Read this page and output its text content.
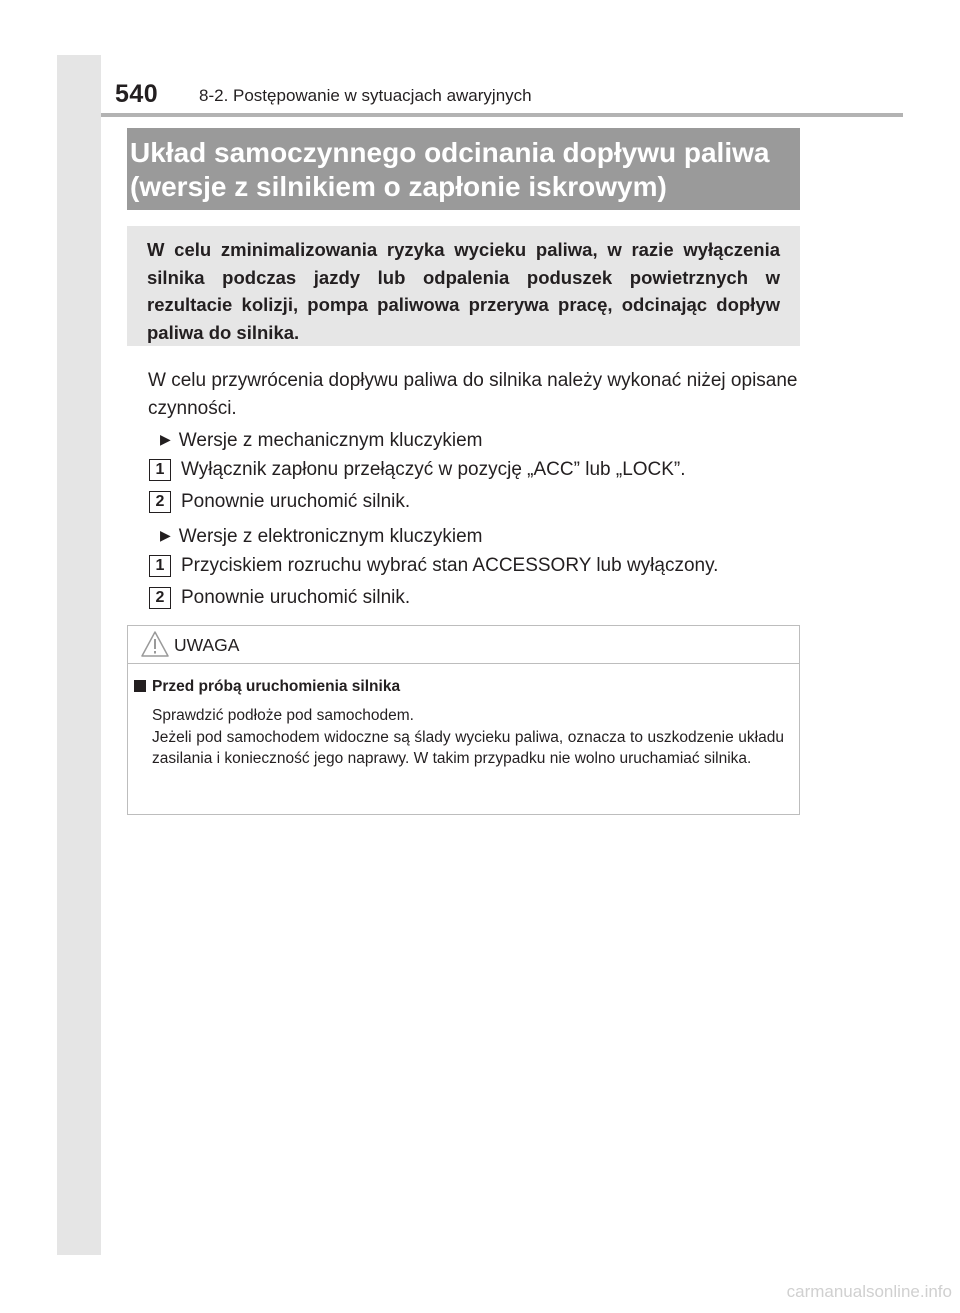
540 8-2. Postępowanie w sytuacjach awaryjnych
Układ samoczynnego odcinania dopływu paliwa
(wersje z silnikiem o zapłonie iskrowym)
W celu zminimalizowania ryzyka wycieku paliwa, w razie wyłączenia silnika podczas jazdy lub odpalenia poduszek powietrznych w rezultacie kolizji, pompa paliwowa przerywa pracę, odcinając dopływ paliwa do silnika.
W celu przywrócenia dopływu paliwa do silnika należy wykonać niżej opisane czynności.
▶ Wersje z mechanicznym kluczykiem
1 Wyłącznik zapłonu przełączyć w pozycję „ACC” lub „LOCK”.
2 Ponownie uruchomić silnik.
▶ Wersje z elektronicznym kluczykiem
1 Przyciskiem rozruchu wybrać stan ACCESSORY lub wyłączony.
2 Ponownie uruchomić silnik.
UWAGA
Przed próbą uruchomienia silnika

Sprawdzić podłoże pod samochodem.

Jeżeli pod samochodem widoczne są ślady wycieku paliwa, oznacza to uszkodzenie układu zasilania i konieczność jego naprawy. W takim przypadku nie wolno uruchamiać silnika.

carmanualsonline.info
